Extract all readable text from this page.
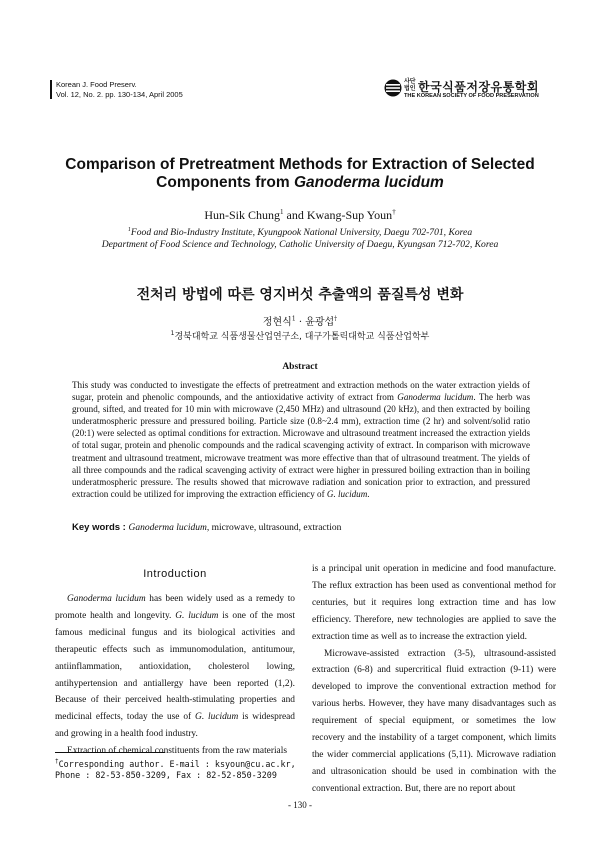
Korean J. Food Preserv.
Vol. 12, No. 2. pp. 130-134, April 2005
사단
법인 한국식품저장유통학회
THE KOREAN SOCIETY OF FOOD PRESERVATION
Comparison of Pretreatment Methods for Extraction of Selected
Components from Ganoderma lucidum
Hun-Sik Chung$^1$ and Kwang-Sup Youn†
$^1$Food and Bio-Industry Institute, Kyungpook National University, Daegu 702-701, Korea
Department of Food Science and Technology, Catholic University of Daegu, Kyungsan 712-702, Korea
전처리 방법에 따른 영지버섯 추출액의 품질특성 변화
정현식$^1$ · 윤광섭†
$^1$경북대학교 식품생물산업연구소, 대구가톨릭대학교 식품산업학부
Abstract
This study was conducted to investigate the effects of pretreatment and extraction methods on the water extraction yields of sugar, protein and phenolic compounds, and the antioxidative activity of extract from Ganoderma lucidum. The herb was ground, sifted, and treated for 10 min with microwave (2,450 MHz) and ultrasound (20 kHz), and then extracted by boiling underatmospheric pressure and pressured boiling. Particle size (0.8~2.4 mm), extraction time (2 hr) and solvent/solid ratio (20:1) were selected as optimal conditions for extraction. Microwave and ultrasound treatment increased the extraction yields of total sugar, protein and phenolic compounds and the radical scavenging activity of extract. In comparison with microwave treatment and ultrasound treatment, microwave treatment was more effective than that of ultrasound treatment. The yields of all three compounds and the radical scavenging activity of extract were higher in pressured boiling extraction than in boiling underatmospheric pressure. The results showed that microwave radiation and sonication prior to extraction, and pressured extraction could be utilized for improving the extraction efficiency of G. lucidum.
Key words : Ganoderma lucidum, microwave, ultrasound, extraction
Introduction

Ganoderma lucidum has been widely used as a remedy to promote health and longevity. G. lucidum is one of the most famous medicinal fungus and its biological activities and therapeutic effects such as immunomodulation, antitumour, antiinflammation, antioxidation, cholesterol lowing, antihypertension and antiallergy have been reported (1,2). Because of their perceived health-stimulating properties and medicinal effects, today the use of G. lucidum is widespread and growing in a health food industry.

Extraction of chemical constituents from the raw materials

is a principal unit operation in medicine and food manufacture. The reflux extraction has been used as conventional method for centuries, but it requires long extraction time and has low efficiency. Therefore, new technologies are applied to save the extraction time as well as to increase the extraction yield.

Microwave-assisted extraction (3-5), ultrasound-assisted extraction (6-8) and supercritical fluid extraction (9-11) were developed to improve the conventional extraction method for various herbs. However, they have many disadvantages such as requirement of special equipment, or sometimes the low recovery and the instability of a target component, which limits the wider commercial applications (5,11). Microwave radiation and ultrasonication should be used in combination with the conventional extraction. But, there are no report about

†Corresponding author. E-mail : ksyoun@cu.ac.kr,
Phone : 82-53-850-3209, Fax : 82-52-850-3209
- 130 -
